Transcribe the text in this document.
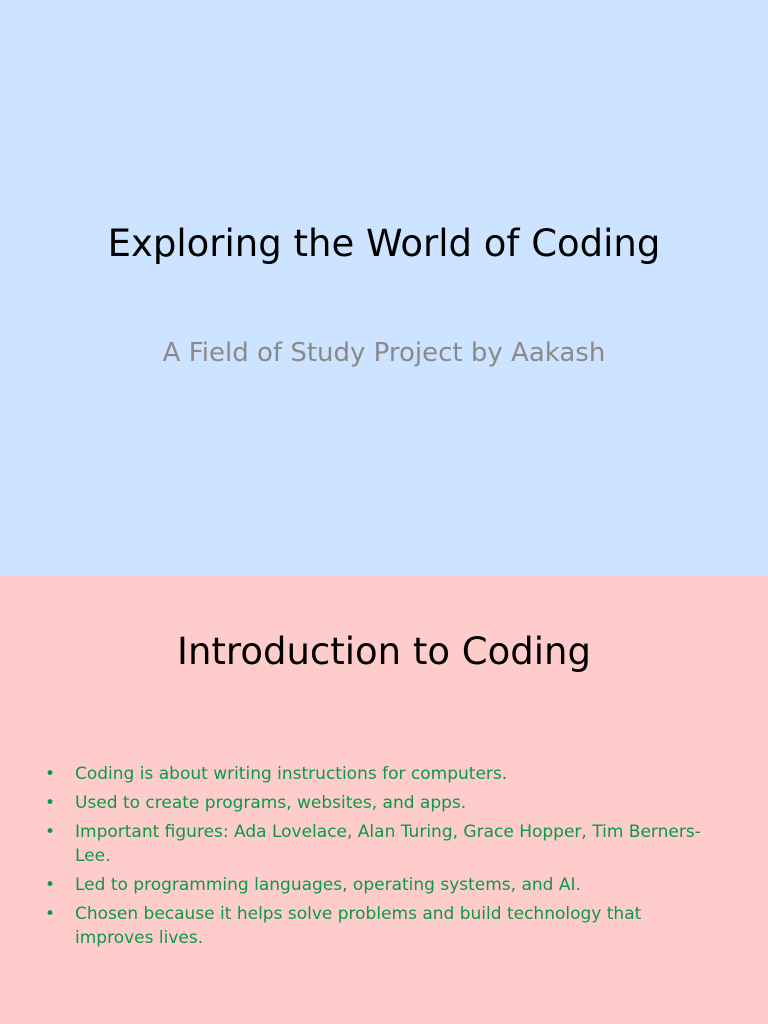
Exploring the World of Coding
A Field of Study Project by Aakash
Introduction to Coding
• Coding is about writing instructions for computers.
• Used to create programs, websites, and apps.
• Important figures: Ada Lovelace, Alan Turing, Grace Hopper, Tim Berners-Lee.
• Led to programming languages, operating systems, and AI.
• Chosen because it helps solve problems and build technology that improves lives.
